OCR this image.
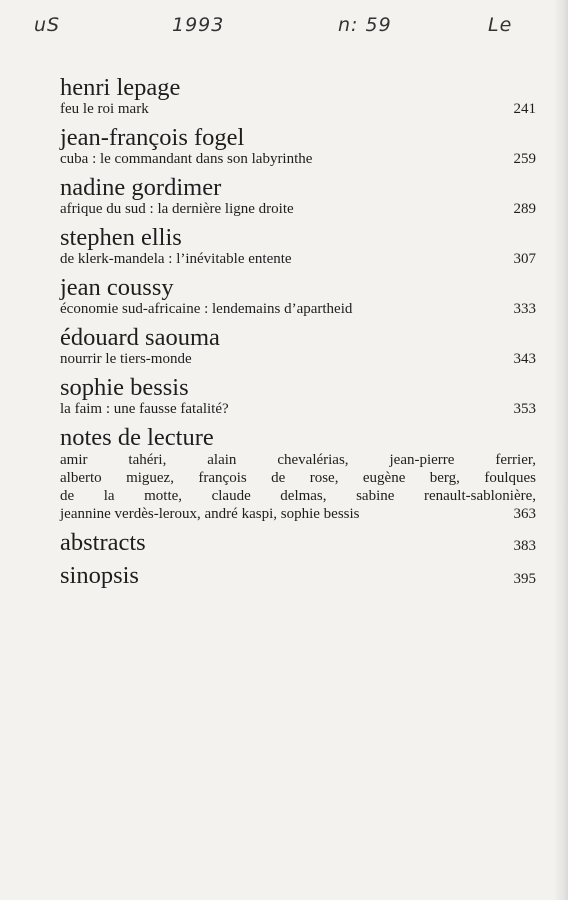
uS	1993	n: 59	Le
henri lepage
feu le roi mark	241
jean-françois fogel
cuba : le commandant dans son labyrinthe	259
nadine gordimer
afrique du sud : la dernière ligne droite	289
stephen ellis
de klerk-mandela : l’inévitable entente	307
jean coussy
économie sud-africaine : lendemains d’apartheid	333
édouard saouma
nourrir le tiers-monde	343
sophie bessis
la faim : une fausse fatalité?	353
notes de lecture
amir tahéri, alain chevalérias, jean-pierre ferrier,
alberto miguez, françois de rose, eugène berg, foulques
de la motte, claude delmas, sabine renault-sablonière,
jeannine verdès-leroux, andré kaspi, sophie bessis	363
abstracts	383
sinopsis	395
